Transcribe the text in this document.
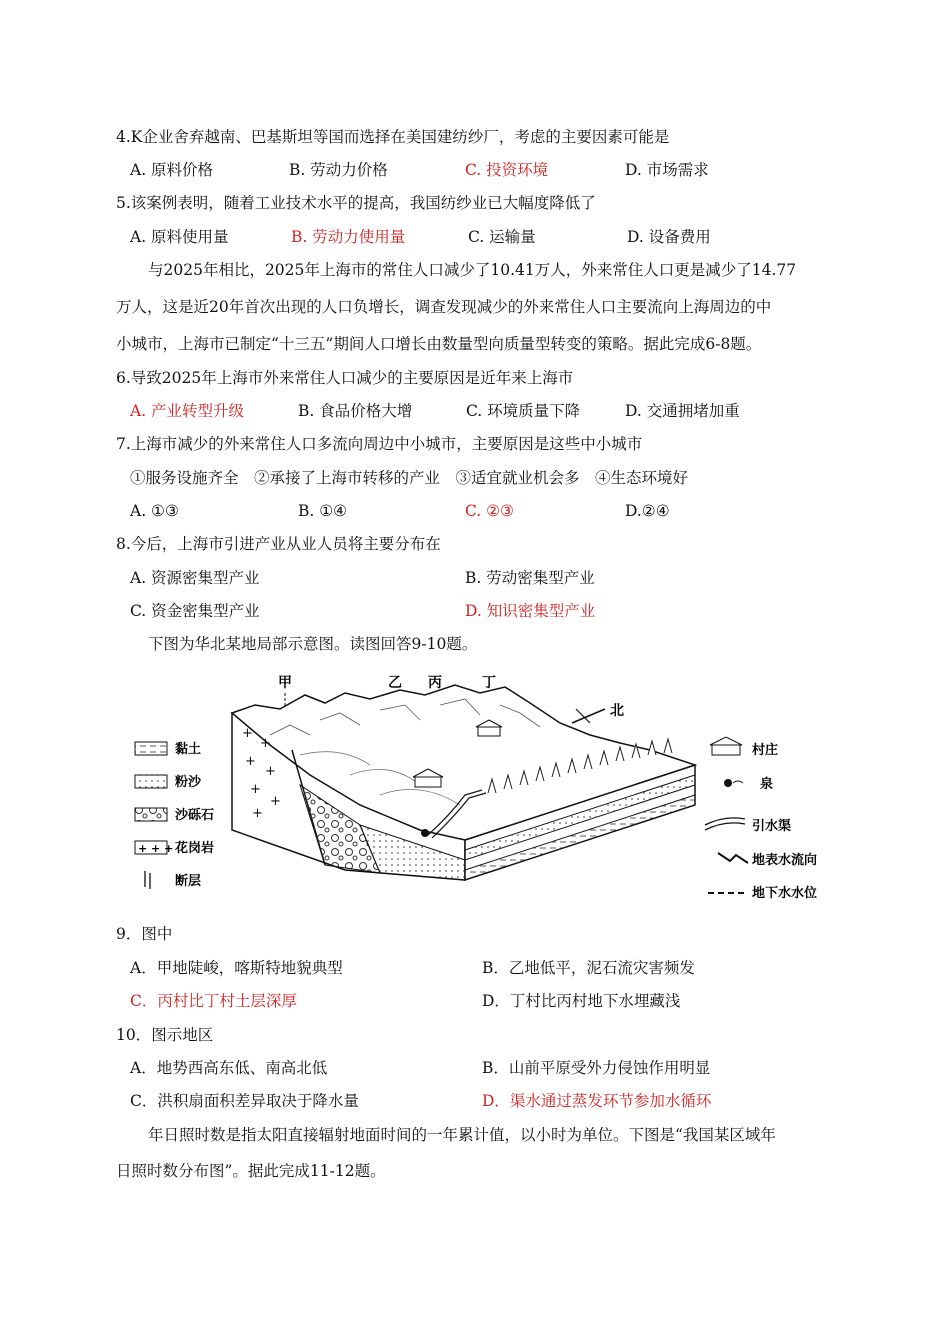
4.K企业舍弃越南、巴基斯坦等国而选择在美国建纺纱厂，考虑的主要因素可能是
A. 原料价格	B. 劳动力价格	C. 投资环境	D. 市场需求
5.该案例表明，随着工业技术水平的提高，我国纺纱业已大幅度降低了
A. 原料使用量	B. 劳动力使用量	C. 运输量	D. 设备费用
与2025年相比，2025年上海市的常住人口减少了10.41万人，外来常住人口更是减少了14.77
万人，这是近20年首次出现的人口负增长，调查发现减少的外来常住人口主要流向上海周边的中
小城市，上海市已制定“十三五”期间人口增长由数量型向质量型转变的策略。据此完成6-8题。
6.导致2025年上海市外来常住人口减少的主要原因是近年来上海市
A. 产业转型升级	B. 食品价格大增	C. 环境质量下降	D. 交通拥堵加重
7.上海市减少的外来常住人口多流向周边中小城市，主要原因是这些中小城市
①服务设施齐全　②承接了上海市转移的产业　③适宜就业机会多　④生态环境好
A. ①③	B. ①④	C. ②③	D.②④
8.今后，上海市引进产业从业人员将主要分布在
A. 资源密集型产业	B. 劳动密集型产业
C. 资金密集型产业	D. 知识密集型产业
下图为华北某地局部示意图。读图回答9-10题。
甲	乙 丙	丁
北
+
+
+
+
+
+
+
黏土
粉沙
沙砾石
+ + + 花岗岩
断层
村庄
泉
引水渠
地表水流向
地下水水位
9．图中
A．甲地陡峻，喀斯特地貌典型	B．乙地低平，泥石流灾害频发
C．丙村比丁村土层深厚	D．丁村比丙村地下水埋藏浅
10．图示地区
A．地势西高东低、南高北低	B．山前平原受外力侵蚀作用明显
C．洪积扇面积差异取决于降水量	D．渠水通过蒸发环节参加水循环
年日照时数是指太阳直接辐射地面时间的一年累计值，以小时为单位。下图是“我国某区域年
日照时数分布图”。据此完成11-12题。
